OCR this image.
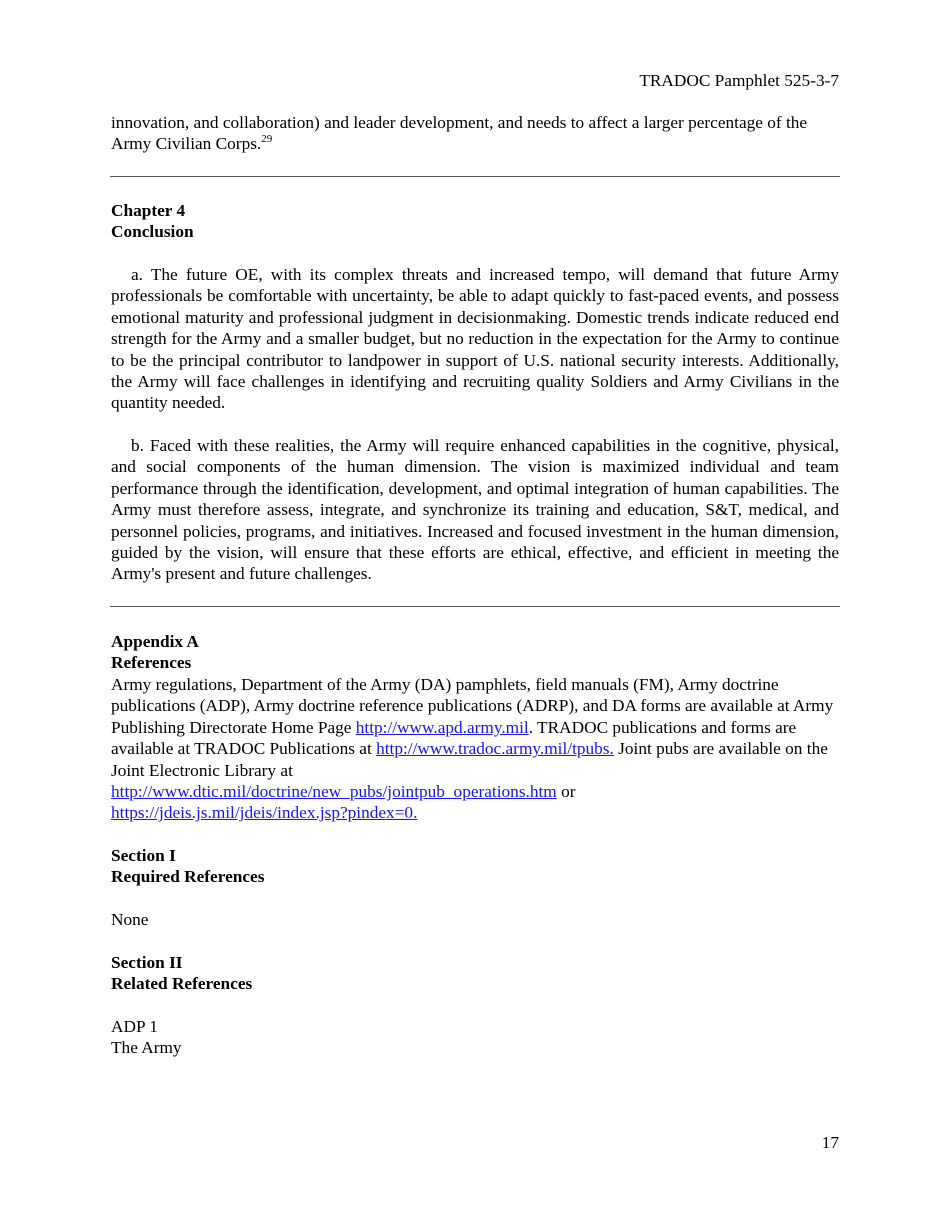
TRADOC Pamphlet 525-3-7
innovation, and collaboration) and leader development, and needs to affect a larger percentage of the Army Civilian Corps.$^{29}$
Chapter 4
Conclusion
a. The future OE, with its complex threats and increased tempo, will demand that future Army professionals be comfortable with uncertainty, be able to adapt quickly to fast-paced events, and possess emotional maturity and professional judgment in decisionmaking. Domestic trends indicate reduced end strength for the Army and a smaller budget, but no reduction in the expectation for the Army to continue to be the principal contributor to landpower in support of U.S. national security interests. Additionally, the Army will face challenges in identifying and recruiting quality Soldiers and Army Civilians in the quantity needed.
b. Faced with these realities, the Army will require enhanced capabilities in the cognitive, physical, and social components of the human dimension. The vision is maximized individual and team performance through the identification, development, and optimal integration of human capabilities. The Army must therefore assess, integrate, and synchronize its training and education, S&T, medical, and personnel policies, programs, and initiatives. Increased and focused investment in the human dimension, guided by the vision, will ensure that these efforts are ethical, effective, and efficient in meeting the Army's present and future challenges.
Appendix A
References
Army regulations, Department of the Army (DA) pamphlets, field manuals (FM), Army doctrine publications (ADP), Army doctrine reference publications (ADRP), and DA forms are available at Army Publishing Directorate Home Page http://www.apd.army.mil. TRADOC publications and forms are available at TRADOC Publications at http://www.tradoc.army.mil/tpubs. Joint pubs are available on the Joint Electronic Library at
http://www.dtic.mil/doctrine/new_pubs/jointpub_operations.htm or
https://jdeis.js.mil/jdeis/index.jsp?pindex=0.
Section I
Required References
None
Section II
Related References
ADP 1
The Army
17
